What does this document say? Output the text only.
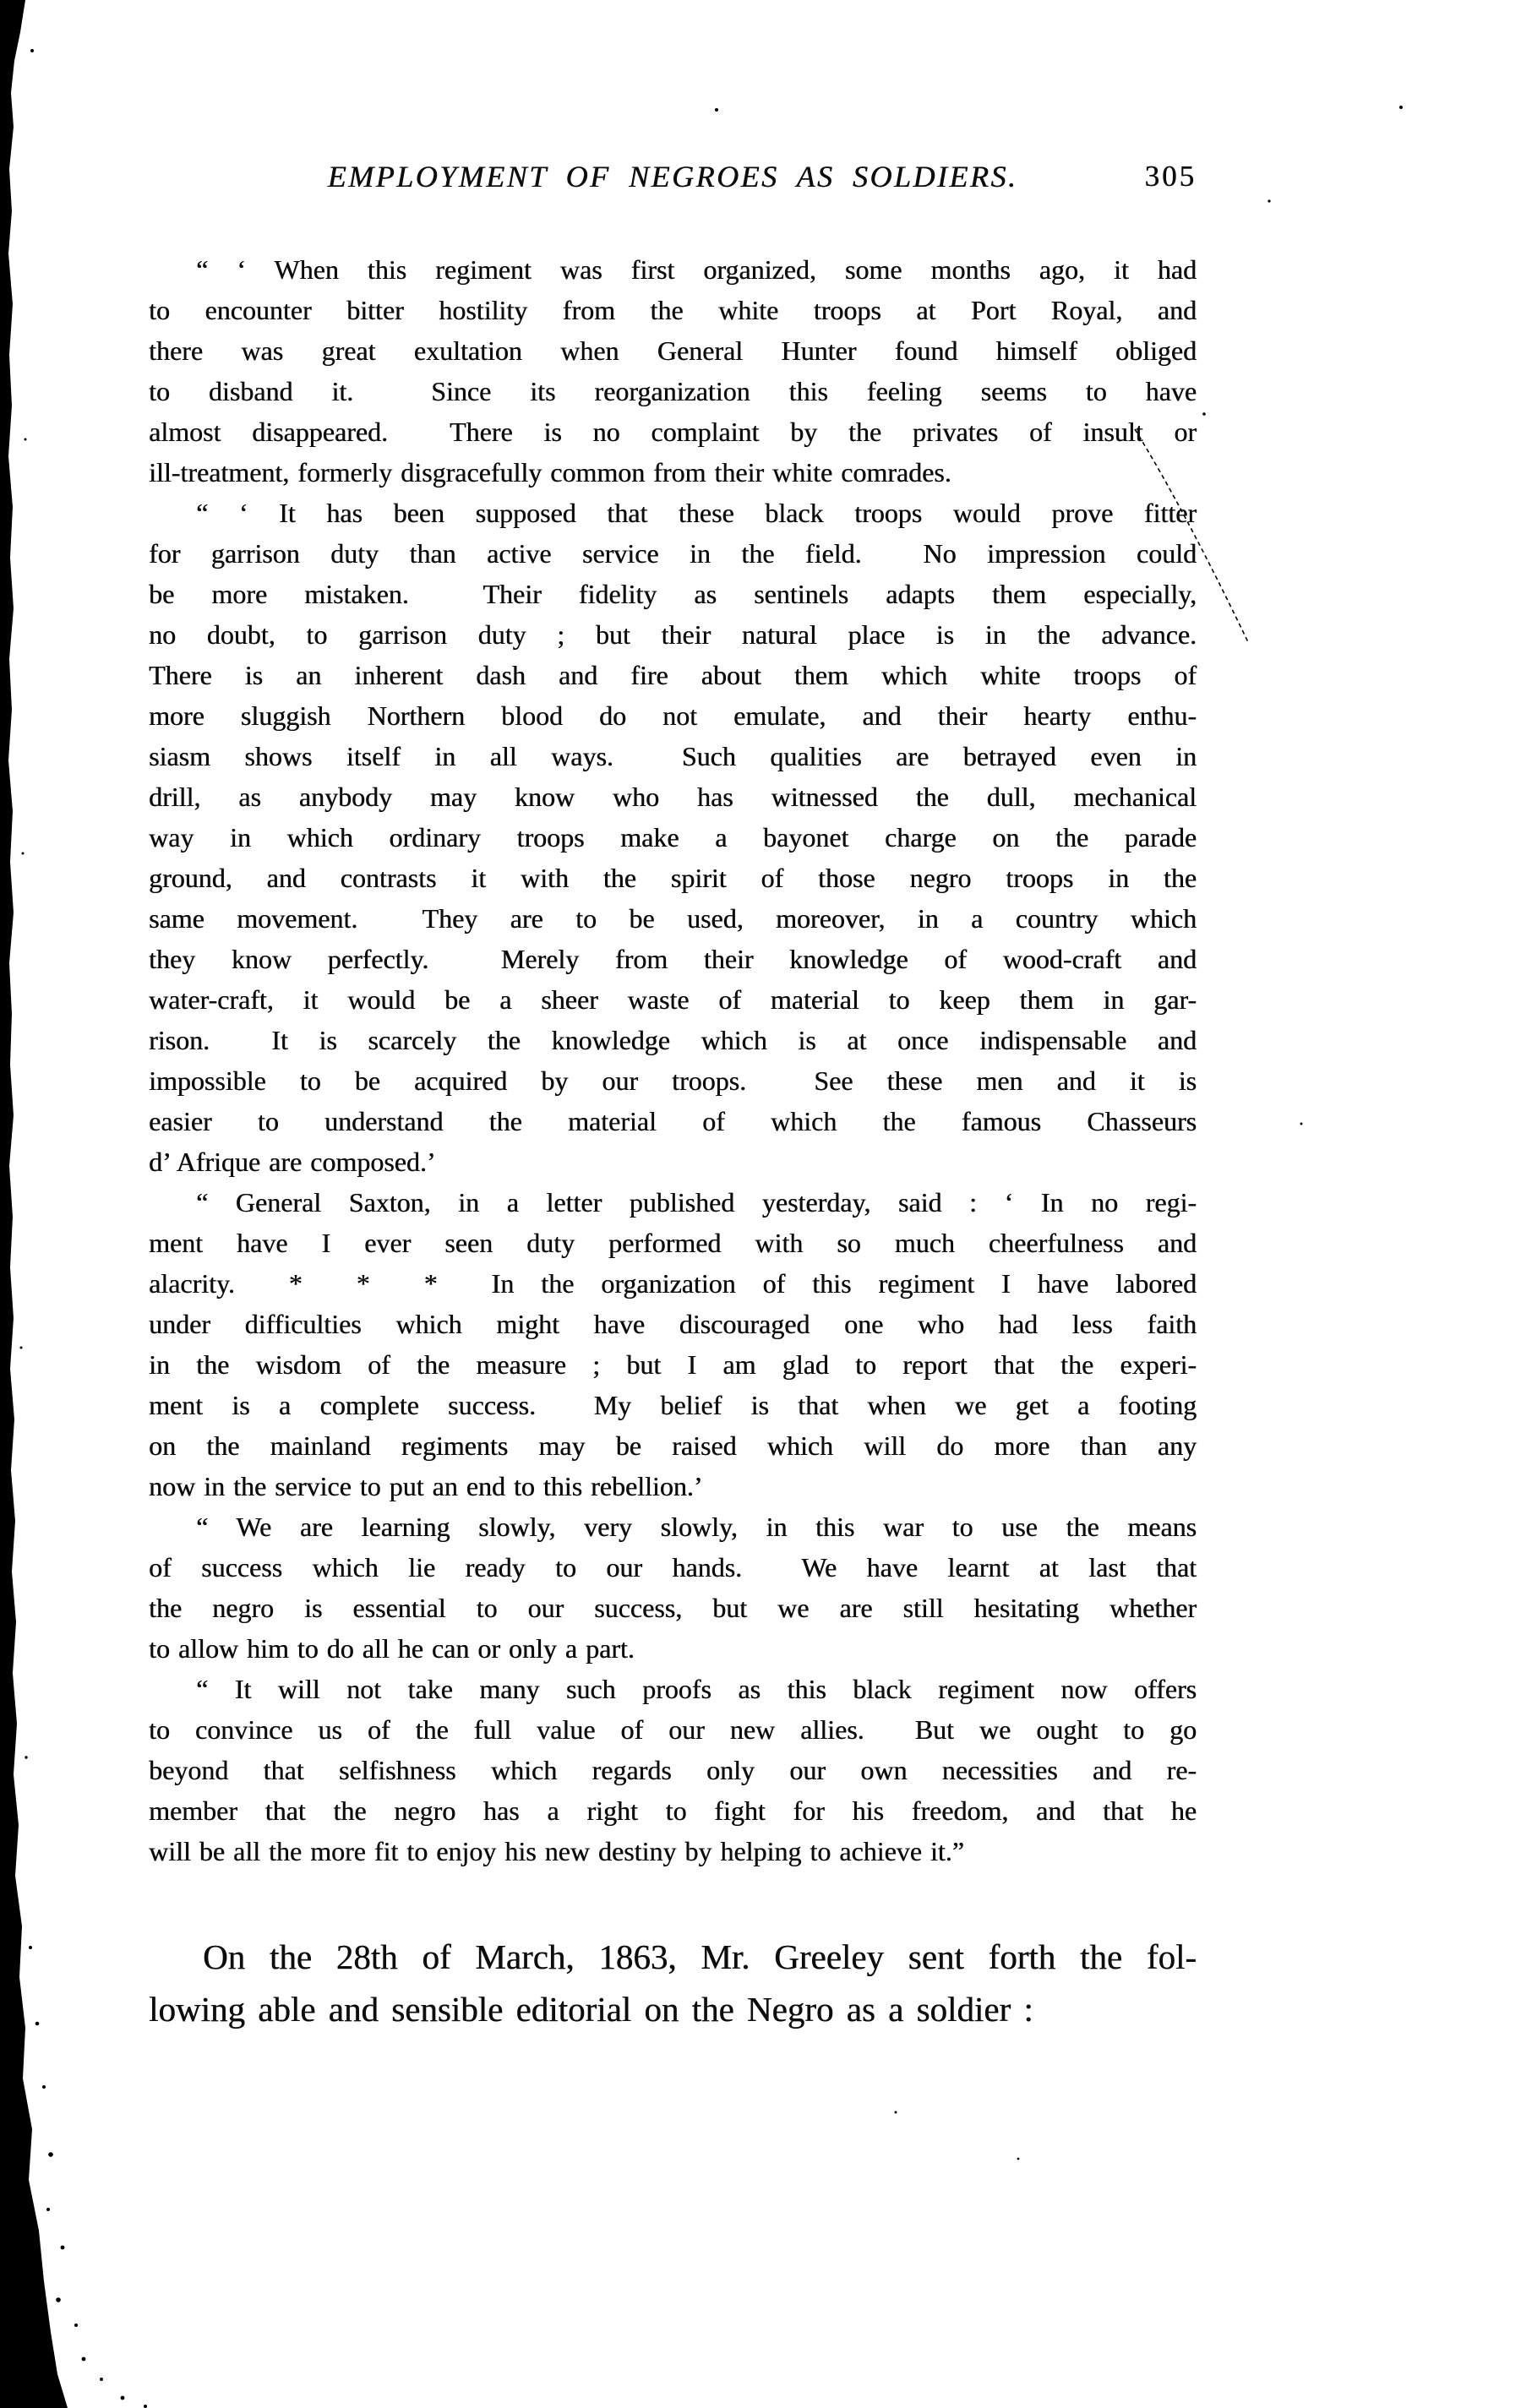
EMPLOYMENT OF NEGROES AS SOLDIERS.	305
“ ‘ When this regiment was first organized, some months ago, it had
to encounter bitter hostility from the white troops at Port Royal, and
there was great exultation when General Hunter found himself obliged
to disband it.  Since its reorganization this feeling seems to have
almost disappeared.  There is no complaint by the privates of insult or
ill-treatment, formerly disgracefully common from their white comrades.
“ ‘ It has been supposed that these black troops would prove fitter
for garrison duty than active service in the field.  No impression could
be more mistaken.  Their fidelity as sentinels adapts them especially,
no doubt, to garrison duty ; but their natural place is in the advance.
There is an inherent dash and fire about them which white troops of
more sluggish Northern blood do not emulate, and their hearty enthu-
siasm shows itself in all ways.  Such qualities are betrayed even in
drill, as anybody may know who has witnessed the dull, mechanical
way in which ordinary troops make a bayonet charge on the parade
ground, and contrasts it with the spirit of those negro troops in the
same movement.  They are to be used, moreover, in a country which
they know perfectly.  Merely from their knowledge of wood-craft and
water-craft, it would be a sheer waste of material to keep them in gar-
rison.  It is scarcely the knowledge which is at once indispensable and
impossible to be acquired by our troops.  See these men and it is
easier to understand the material of which the famous Chasseurs
d’ Afrique are composed.’
“ General Saxton, in a letter published yesterday, said : ‘ In no regi-
ment have I ever seen duty performed with so much cheerfulness and
alacrity.  *  *  *  In the organization of this regiment I have labored
under difficulties which might have discouraged one who had less faith
in the wisdom of the measure ; but I am glad to report that the experi-
ment is a complete success.  My belief is that when we get a footing
on the mainland regiments may be raised which will do more than any
now in the service to put an end to this rebellion.’
“ We are learning slowly, very slowly, in this war to use the means
of success which lie ready to our hands.  We have learnt at last that
the negro is essential to our success, but we are still hesitating whether
to allow him to do all he can or only a part.
“ It will not take many such proofs as this black regiment now offers
to convince us of the full value of our new allies.  But we ought to go
beyond that selfishness which regards only our own necessities and re-
member that the negro has a right to fight for his freedom, and that he
will be all the more fit to enjoy his new destiny by helping to achieve it.”
On the 28th of March, 1863, Mr. Greeley sent forth the fol-
lowing able and sensible editorial on the Negro as a soldier :
